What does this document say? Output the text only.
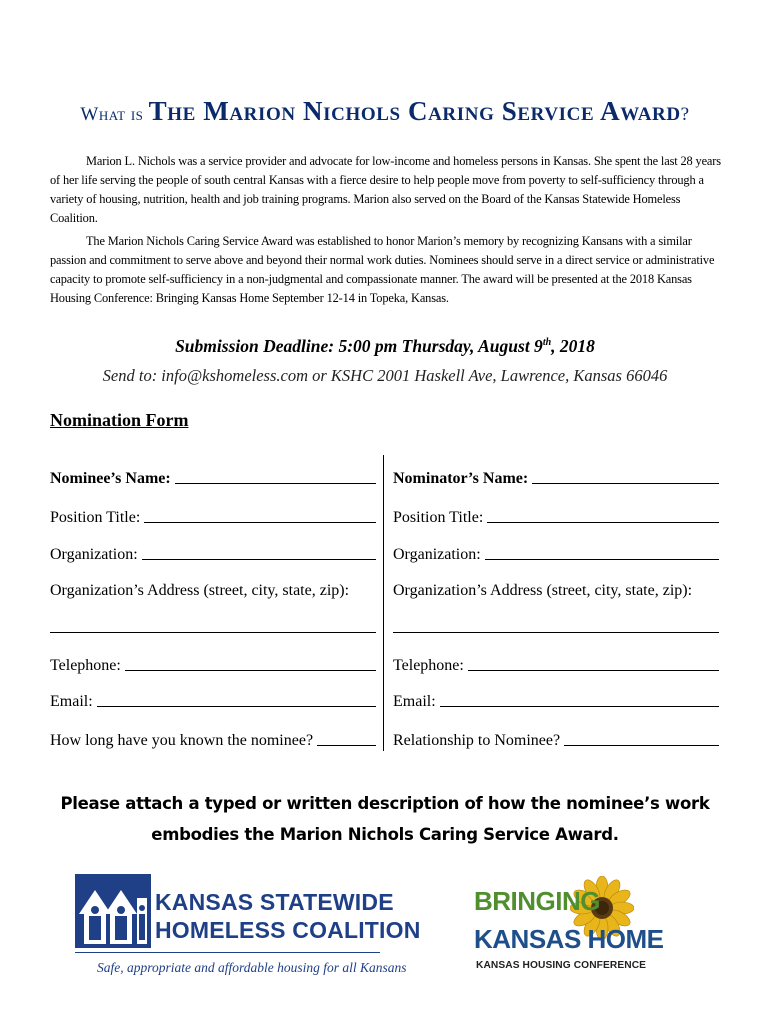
What is The Marion Nichols Caring Service Award?

Marion L. Nichols was a service provider and advocate for low-income and homeless persons in Kansas. She spent the last 28 years of her life serving the people of south central Kansas with a fierce desire to help people move from poverty to self-sufficiency through a variety of housing, nutrition, health and job training programs. Marion also served on the Board of the Kansas Statewide Homeless Coalition.

The Marion Nichols Caring Service Award was established to honor Marion’s memory by recognizing Kansans with a similar passion and commitment to serve above and beyond their normal work duties. Nominees should serve in a direct service or administrative capacity to promote self-sufficiency in a non-judgmental and compassionate manner. The award will be presented at the 2018 Kansas Housing Conference: Bringing Kansas Home September 12-14 in Topeka, Kansas.

Submission Deadline: 5:00 pm Thursday, August 9th, 2018
Send to: info@kshomeless.com or KSHC 2001 Haskell Ave, Lawrence, Kansas 66046
Nomination Form
Nominee’s Name:
Position Title:
Organization:
Organization’s Address (street, city, state, zip):
Telephone:
Email:
How long have you known the nominee?
Nominator’s Name:
Position Title:
Organization:
Organization’s Address (street, city, state, zip):
Telephone:
Email:
Relationship to Nominee?
Please attach a typed or written description of how the nominee’s work embodies the Marion Nichols Caring Service Award.
KANSAS STATEWIDE
HOMELESS COALITION
Safe, appropriate and affordable housing for all Kansans
BRINGING
KANSAS HOME
KANSAS HOUSING CONFERENCE
